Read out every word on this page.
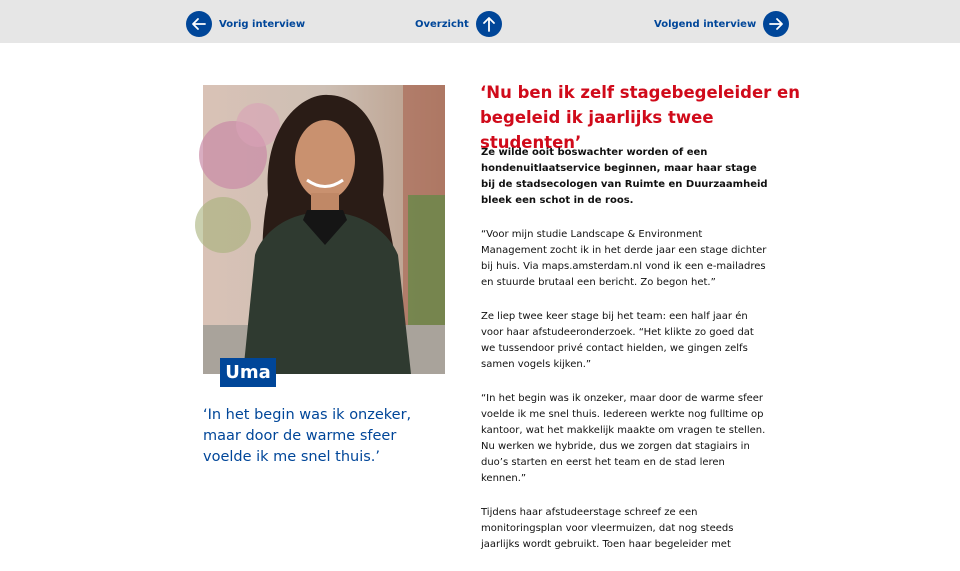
Vorig interview	Overzicht	Volgend interview
Uma

‘In het begin was ik onzeker, maar door de warme sfeer voelde ik me snel thuis.’

‘Nu ben ik zelf stagebegeleider en begeleid ik jaarlijks twee studenten’

Ze wilde ooit boswachter worden of een hondenuitlaatservice beginnen, maar haar stage bij de stadsecologen van Ruimte en Duurzaamheid bleek een schot in de roos.

“Voor mijn studie Landscape & Environment Management zocht ik in het derde jaar een stage dichter bij huis. Via maps.amsterdam.nl vond ik een e-mailadres en stuurde brutaal een bericht. Zo begon het.”

Ze liep twee keer stage bij het team: een half jaar én voor haar afstudeeronderzoek. “Het klikte zo goed dat we tussendoor privé contact hielden, we gingen zelfs samen vogels kijken.”

“In het begin was ik onzeker, maar door de warme sfeer voelde ik me snel thuis. Iedereen werkte nog fulltime op kantoor, wat het makkelijk maakte om vragen te stellen. Nu werken we hybride, dus we zorgen dat stagiairs in duo’s starten en eerst het team en de stad leren kennen.”

Tijdens haar afstudeerstage schreef ze een monitoringsplan voor vleermuizen, dat nog steeds jaarlijks wordt gebruikt. Toen haar begeleider met
